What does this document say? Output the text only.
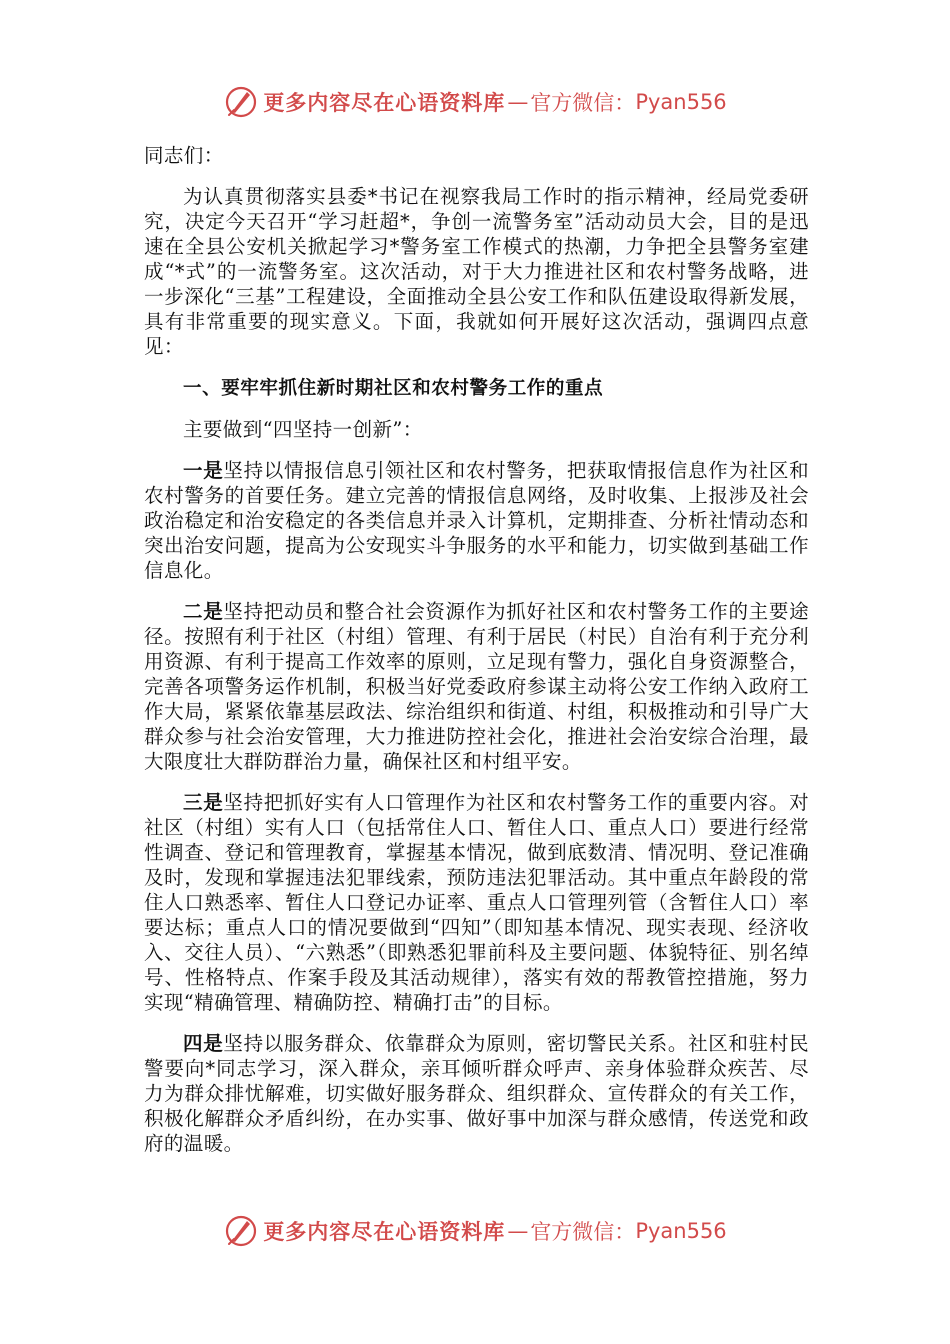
更多内容尽在心语资料库 — 官方微信： Pyan556

同志们：

为认真贯彻落实县委*书记在视察我局工作时的指示精神，经局党委研究，决定今天召开“学习赶超*，争创一流警务室”活动动员大会，目的是迅速在全县公安机关掀起学习*警务室工作模式的热潮，力争把全县警务室建成“*式”的一流警务室。这次活动，对于大力推进社区和农村警务战略，进一步深化“三基”工程建设，全面推动全县公安工作和队伍建设取得新发展，具有非常重要的现实意义。下面，我就如何开展好这次活动，强调四点意见：

一、要牢牢抓住新时期社区和农村警务工作的重点

主要做到“四坚持一创新”：

一是坚持以情报信息引领社区和农村警务，把获取情报信息作为社区和农村警务的首要任务。建立完善的情报信息网络，及时收集、上报涉及社会政治稳定和治安稳定的各类信息并录入计算机，定期排查、分析社情动态和突出治安问题，提高为公安现实斗争服务的水平和能力，切实做到基础工作信息化。

二是坚持把动员和整合社会资源作为抓好社区和农村警务工作的主要途径。按照有利于社区（村组）管理、有利于居民（村民）自治有利于充分利用资源、有利于提高工作效率的原则，立足现有警力，强化自身资源整合，完善各项警务运作机制，积极当好党委政府参谋主动将公安工作纳入政府工作大局，紧紧依靠基层政法、综治组织和街道、村组，积极推动和引导广大群众参与社会治安管理，大力推进防控社会化，推进社会治安综合治理，最大限度壮大群防群治力量，确保社区和村组平安。

三是坚持把抓好实有人口管理作为社区和农村警务工作的重要内容。对社区（村组）实有人口（包括常住人口、暂住人口、重点人口）要进行经常性调查、登记和管理教育，掌握基本情况，做到底数清、情况明、登记准确及时，发现和掌握违法犯罪线索，预防违法犯罪活动。其中重点年龄段的常住人口熟悉率、暂住人口登记办证率、重点人口管理列管（含暂住人口）率要达标；重点人口的情况要做到“四知”（即知基本情况、现实表现、经济收入、交往人员）、“六熟悉”（即熟悉犯罪前科及主要问题、体貌特征、别名绰号、性格特点、作案手段及其活动规律），落实有效的帮教管控措施，努力实现“精确管理、精确防控、精确打击”的目标。

四是坚持以服务群众、依靠群众为原则，密切警民关系。社区和驻村民警要向*同志学习，深入群众，亲耳倾听群众呼声、亲身体验群众疾苦、尽力为群众排忧解难，切实做好服务群众、组织群众、宣传群众的有关工作，积极化解群众矛盾纠纷，在办实事、做好事中加深与群众感情，传送党和政府的温暖。

更多内容尽在心语资料库 — 官方微信： Pyan556
